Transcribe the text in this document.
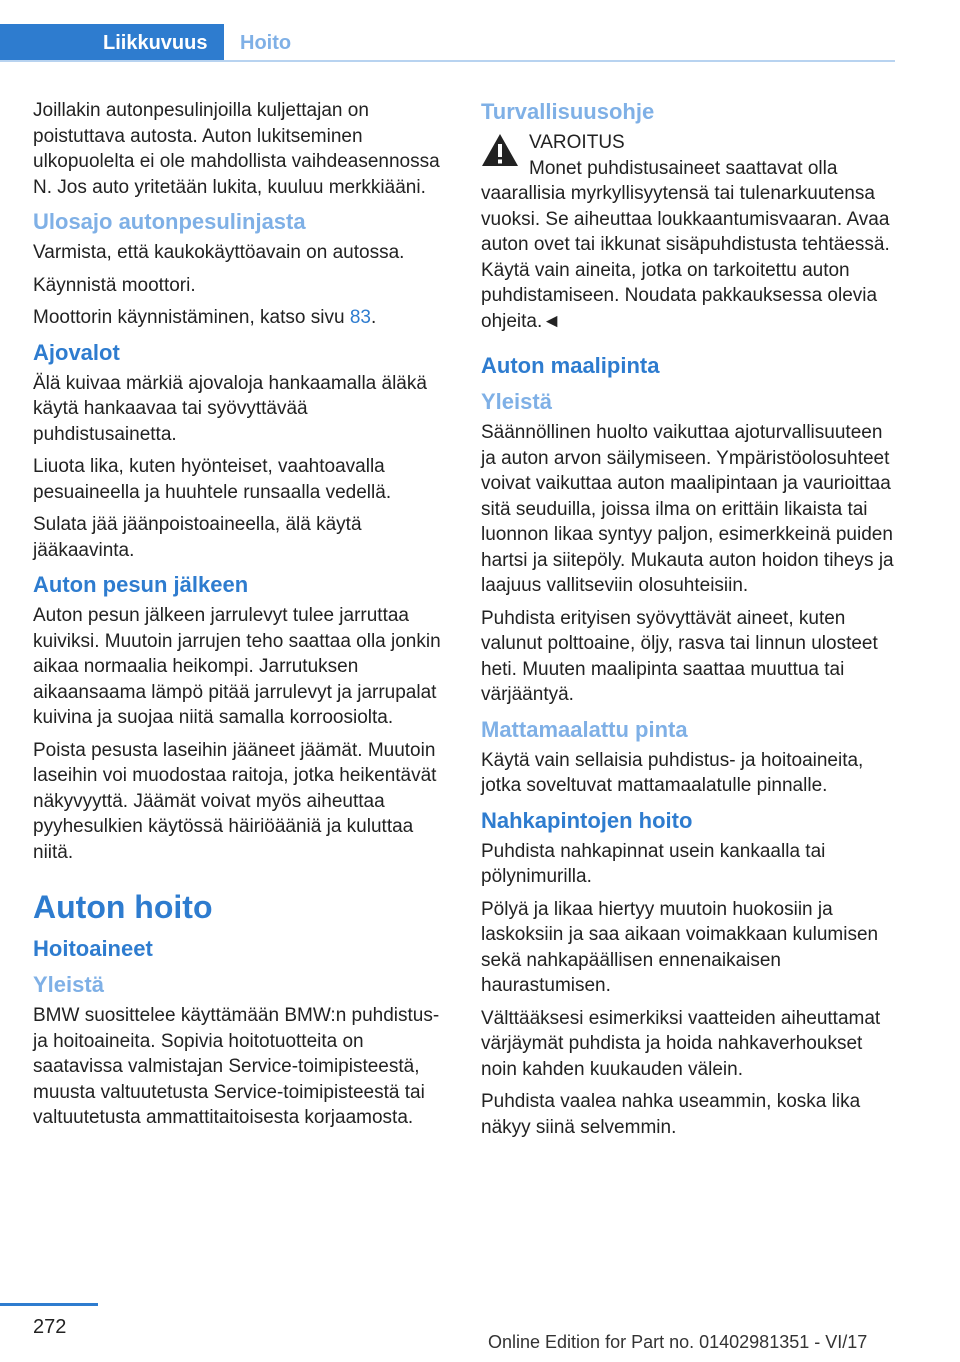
Liikkuvuus	Hoito

Joillakin autonpesulinjoilla kuljettajan on poistuttava autosta. Auton lukitseminen ulkopuolelta ei ole mahdollista vaihdeasennossa N. Jos auto yritetään lukita, kuuluu merkkiääni.

Ulosajo autonpesulinjasta

Varmista, että kaukokäyttöavain on autossa.

Käynnistä moottori.

Moottorin käynnistäminen, katso sivu 83.

Ajovalot

Älä kuivaa märkiä ajovaloja hankaamalla äläkä käytä hankaavaa tai syövyttävää puhdistusainetta.

Liuota lika, kuten hyönteiset, vaahtoavalla pesuaineella ja huuhtele runsaalla vedellä.

Sulata jää jäänpoistoaineella, älä käytä jääkaavinta.

Auton pesun jälkeen

Auton pesun jälkeen jarrulevyt tulee jarruttaa kuiviksi. Muutoin jarrujen teho saattaa olla jonkin aikaa normaalia heikompi. Jarrutuksen aikaansaama lämpö pitää jarrulevyt ja jarrupalat kuivina ja suojaa niitä samalla korroosiolta.

Poista pesusta laseihin jääneet jäämät. Muutoin laseihin voi muodostaa raitoja, jotka heikentävät näkyvyyttä. Jäämät voivat myös aiheuttaa pyyhesulkien käytössä häiriöääniä ja kuluttaa niitä.

Auton hoito
Hoitoaineet
Yleistä

BMW suosittelee käyttämään BMW:n puhdistus- ja hoitoaineita. Sopivia hoitotuotteita on saatavissa valmistajan Service-toimipisteestä, muusta valtuutetusta Service-toimipisteestä tai valtuutetusta ammattitaitoisesta korjaamosta.

Turvallisuusohje
VAROITUS

Monet puhdistusaineet saattavat olla vaarallisia myrkyllisyytensä tai tulenarkuutensa vuoksi. Se aiheuttaa loukkaantumisvaaran. Avaa auton ovet tai ikkunat sisäpuhdistusta tehtäessä. Käytä vain aineita, jotka on tarkoitettu auton puhdistamiseen. Noudata pakkauksessa olevia ohjeita.◄

Auton maalipinta
Yleistä

Säännöllinen huolto vaikuttaa ajoturvallisuuteen ja auton arvon säilymiseen. Ympäristöolosuhteet voivat vaikuttaa auton maalipintaan ja vaurioittaa sitä seuduilla, joissa ilma on erittäin likaista tai luonnon likaa syntyy paljon, esimerkkeinä puiden hartsi ja siitepöly. Mukauta auton hoidon tiheys ja laajuus vallitseviin olosuhteisiin.

Puhdista erityisen syövyttävät aineet, kuten valunut polttoaine, öljy, rasva tai linnun ulosteet heti. Muuten maalipinta saattaa muuttua tai värjääntyä.

Mattamaalattu pinta

Käytä vain sellaisia puhdistus- ja hoitoaineita, jotka soveltuvat mattamaalatulle pinnalle.

Nahkapintojen hoito

Puhdista nahkapinnat usein kankaalla tai pölynimurilla.

Pölyä ja likaa hiertyy muutoin huokosiin ja laskoksiin ja saa aikaan voimakkaan kulumisen sekä nahkapäällisen ennenaikaisen haurastumisen.

Välttääksesi esimerkiksi vaatteiden aiheuttamat värjäymät puhdista ja hoida nahkaverhoukset noin kahden kuukauden välein.

Puhdista vaalea nahka useammin, koska lika näkyy siinä selvemmin.

272
Online Edition for Part no. 01402981351 - VI/17
